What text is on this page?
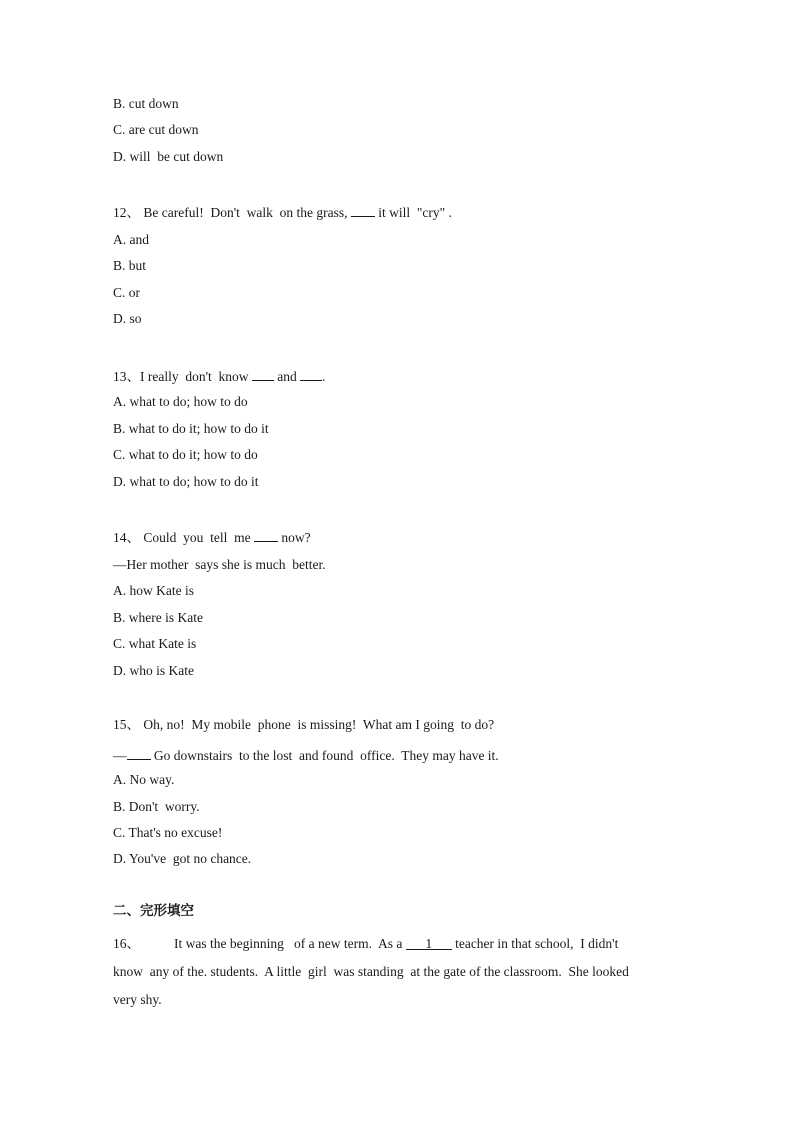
B. cut down
C. are cut down
D. will  be cut down
12、 Be careful!  Don't  walk  on the grass,  it will  "cry" .
A. and
B. but
C. or
D. so
13、I really  don't  know  and .
A. what to do; how to do
B. what to do it; how to do it
C. what to do it; how to do
D. what to do; how to do it
14、 Could  you  tell  me  now?
—Her mother  says she is much  better.
A. how Kate is
B. where is Kate
C. what Kate is
D. who is Kate
15、 Oh, no!  My mobile  phone  is missing!  What am I going  to do?
— Go downstairs  to the lost  and found  office.  They may have it.
A. No way.
B. Don't  worry.
C. That's no excuse!
D. You've  got no chance.
二、完形填空
16、	It was the beginning   of a new term.  As a 1 teacher in that school,  I didn't
know  any of the. students.  A little  girl  was standing  at the gate of the classroom.  She looked
very shy.
